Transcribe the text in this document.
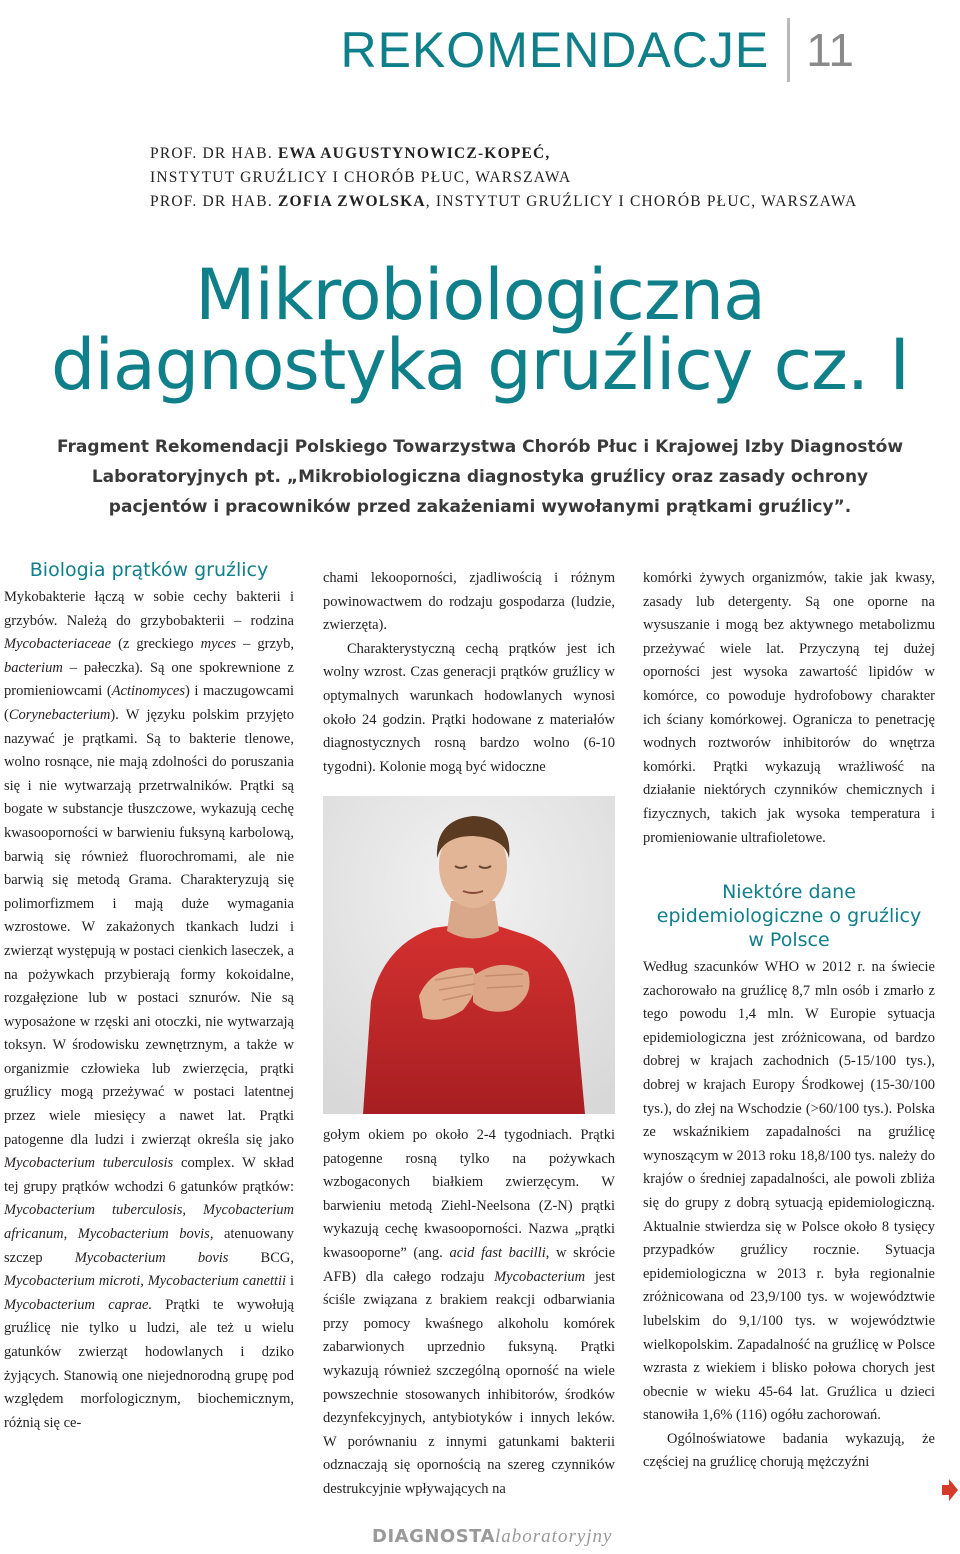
REKOMENDACJE 11
PROF. DR HAB. EWA AUGUSTYNOWICZ-KOPEĆ,
INSTYTUT GRUŹLICY I CHORÓB PŁUC, WARSZAWA
PROF. DR HAB. ZOFIA ZWOLSKA, INSTYTUT GRUŹLICY I CHORÓB PŁUC, WARSZAWA
Mikrobiologiczna
diagnostyka gruźlicy cz. I
Fragment Rekomendacji Polskiego Towarzystwa Chorób Płuc i Krajowej Izby Diagnostów Laboratoryjnych pt. „Mikrobiologiczna diagnostyka gruźlicy oraz zasady ochrony pacjentów i pracowników przed zakażeniami wywołanymi prątkami gruźlicy”.
Biologia prątków gruźlicy

Mykobakterie łączą w sobie cechy bakterii i grzybów. Należą do grzybobakterii – rodzina Mycobacteriaceae (z greckiego myces – grzyb, bacterium – pałeczka). Są one spokrewnione z promieniowcami (Actinomyces) i maczugowcami (Corynebacterium). W języku polskim przyjęto nazywać je prątkami. Są to bakterie tlenowe, wolno rosnące, nie mają zdolności do poruszania się i nie wytwarzają przetrwalników. Prątki są bogate w substancje tłuszczowe, wykazują cechę kwasooporności w barwieniu fuksyną karbolową, barwią się również fluorochromami, ale nie barwią się metodą Grama. Charakteryzują się polimorfizmem i mają duże wymagania wzrostowe. W zakażonych tkankach ludzi i zwierząt występują w postaci cienkich laseczek, a na pożywkach przybierają formy kokoidalne, rozgałęzione lub w postaci sznurów. Nie są wyposażone w rzęski ani otoczki, nie wytwarzają toksyn. W środowisku zewnętrznym, a także w organizmie człowieka lub zwierzęcia, prątki gruźlicy mogą przeżywać w postaci latentnej przez wiele miesięcy a nawet lat. Prątki patogenne dla ludzi i zwierząt określa się jako Mycobacterium tuberculosis complex. W skład tej grupy prątków wchodzi 6 gatunków prątków: Mycobacterium tuberculosis, Mycobacterium africanum, Mycobacterium bovis, atenuowany szczep Mycobacterium bovis BCG, Mycobacterium microti, Mycobacterium canettii i Mycobacterium caprae. Prątki te wywołują gruźlicę nie tylko u ludzi, ale też u wielu gatunków zwierząt hodowlanych i dziko żyjących. Stanowią one niejednorodną grupę pod względem morfologicznym, biochemicznym, różnią się ce-

chami lekooporności, zjadliwością i różnym powinowactwem do rodzaju gospodarza (ludzie, zwierzęta).

Charakterystyczną cechą prątków jest ich wolny wzrost. Czas generacji prątków gruźlicy w optymalnych warunkach hodowlanych wynosi około 24 godzin. Prątki hodowane z materiałów diagnostycznych rosną bardzo wolno (6-10 tygodni). Kolonie mogą być widoczne

gołym okiem po około 2-4 tygodniach. Prątki patogenne rosną tylko na pożywkach wzbogaconych białkiem zwierzęcym. W barwieniu metodą Ziehl-Neelsona (Z-N) prątki wykazują cechę kwasooporności. Nazwa „prątki kwasooporne” (ang. acid fast bacilli, w skrócie AFB) dla całego rodzaju Mycobacterium jest ściśle związana z brakiem reakcji odbarwiania przy pomocy kwaśnego alkoholu komórek zabarwionych uprzednio fuksyną. Prątki wykazują również szczególną oporność na wiele powszechnie stosowanych inhibitorów, środków dezynfekcyjnych, antybiotyków i innych leków. W porównaniu z innymi gatunkami bakterii odznaczają się opornością na szereg czynników destrukcyjnie wpływających na

komórki żywych organizmów, takie jak kwasy, zasady lub detergenty. Są one oporne na wysuszanie i mogą bez aktywnego metabolizmu przeżywać wiele lat. Przyczyną tej dużej oporności jest wysoka zawartość lipidów w komórce, co powoduje hydrofobowy charakter ich ściany komórkowej. Ogranicza to penetrację wodnych roztworów inhibitorów do wnętrza komórki. Prątki wykazują wrażliwość na działanie niektórych czynników chemicznych i fizycznych, takich jak wysoka temperatura i promieniowanie ultrafioletowe.

Niektóre dane
epidemiologiczne o gruźlicy
w Polsce

Według szacunków WHO w 2012 r. na świecie zachorowało na gruźlicę 8,7 mln osób i zmarło z tego powodu 1,4 mln. W Europie sytuacja epidemiologiczna jest zróżnicowana, od bardzo dobrej w krajach zachodnich (5-15/100 tys.), dobrej w krajach Europy Środkowej (15-30/100 tys.), do złej na Wschodzie (>60/100 tys.). Polska ze wskaźnikiem zapadalności na gruźlicę wynoszącym w 2013 roku 18,8/100 tys. należy do krajów o średniej zapadalności, ale powoli zbliża się do grupy z dobrą sytuacją epidemiologiczną. Aktualnie stwierdza się w Polsce około 8 tysięcy przypadków gruźlicy rocznie. Sytuacja epidemiologiczna w 2013 r. była regionalnie zróżnicowana od 23,9/100 tys. w województwie lubelskim do 9,1/100 tys. w województwie wielkopolskim. Zapadalność na gruźlicę w Polsce wzrasta z wiekiem i blisko połowa chorych jest obecnie w wieku 45-64 lat. Gruźlica u dzieci stanowiła 1,6% (116) ogółu zachorowań.

Ogólnoświatowe badania wykazują, że częściej na gruźlicę chorują mężczyźni

DIAGNOSTAlaboratoryjny
